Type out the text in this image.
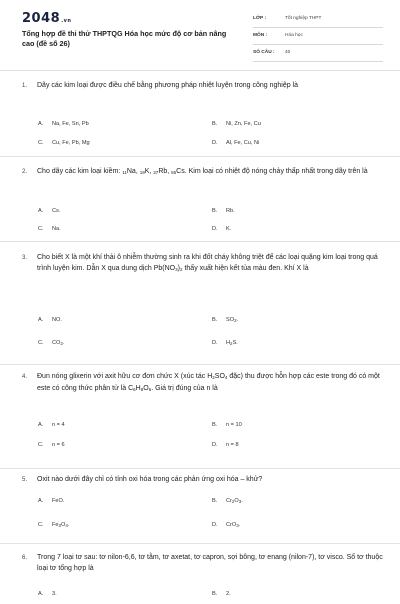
2048.vn
Tổng hợp đề thi thử THPTQG Hóa học mức độ cơ bản nâng cao (đề số 26)
LỚP :	Tốt nghiệp THPT
MÔN :	Hóa học
SỐ CÂU : 40
1. Dãy các kim loại được điều chế bằng phương pháp nhiệt luyện trong công nghiệp là
A. Na, Fe, Sn, Pb	B. Ni, Zn, Fe, Cu
C. Cu, Fe, Pb, Mg	D. Al, Fe, Cu, Ni
2. Cho dãy các kim loại kiềm: $_{11}$Na, $_{19}$K, $_{37}$Rb, $_{55}$Cs. Kim loại có nhiệt độ nóng chảy thấp nhất trong dãy trên là
A. Cs.	B. Rb.
C. Na.	D. K.
3. Cho biết X là một khí thải ô nhiễm thường sinh ra khi đốt cháy không triệt để các loại quặng kim loại trong quá trình luyện kim. Dẫn X qua dung dịch $Pb(NO_3)_2$ thấy xuất hiện kết tủa màu đen. Khí X là
A. NO.	B. $SO_2$.
C. $CO_2$.	D. $H_2S$.
4. Đun nóng glixerin với axit hữu cơ đơn chức X (xúc tác $H_2SO_4$ đặc) thu được hỗn hợp các este trong đó có một este có công thức phân tử là $C_6H_8O_6$. Giá trị đúng của n là
A. n = 4	B. n = 10
C. n = 6	D. n = 8
5. Oxit nào dưới đây chỉ có tính oxi hóa trong các phản ứng oxi hóa – khử?
A. FeO.	B. $Cr_2O_3$.
C. $Fe_3O_4$.	D. CrO$_3$.
6. Trong 7 loại tơ sau: tơ nilon-6,6, tơ tằm, tơ axetat, tơ capron, sợi bông, tơ enang (nilon-7), tơ visco. Số tơ thuộc loại tơ tổng hợp là
A. 3.	B. 2.
